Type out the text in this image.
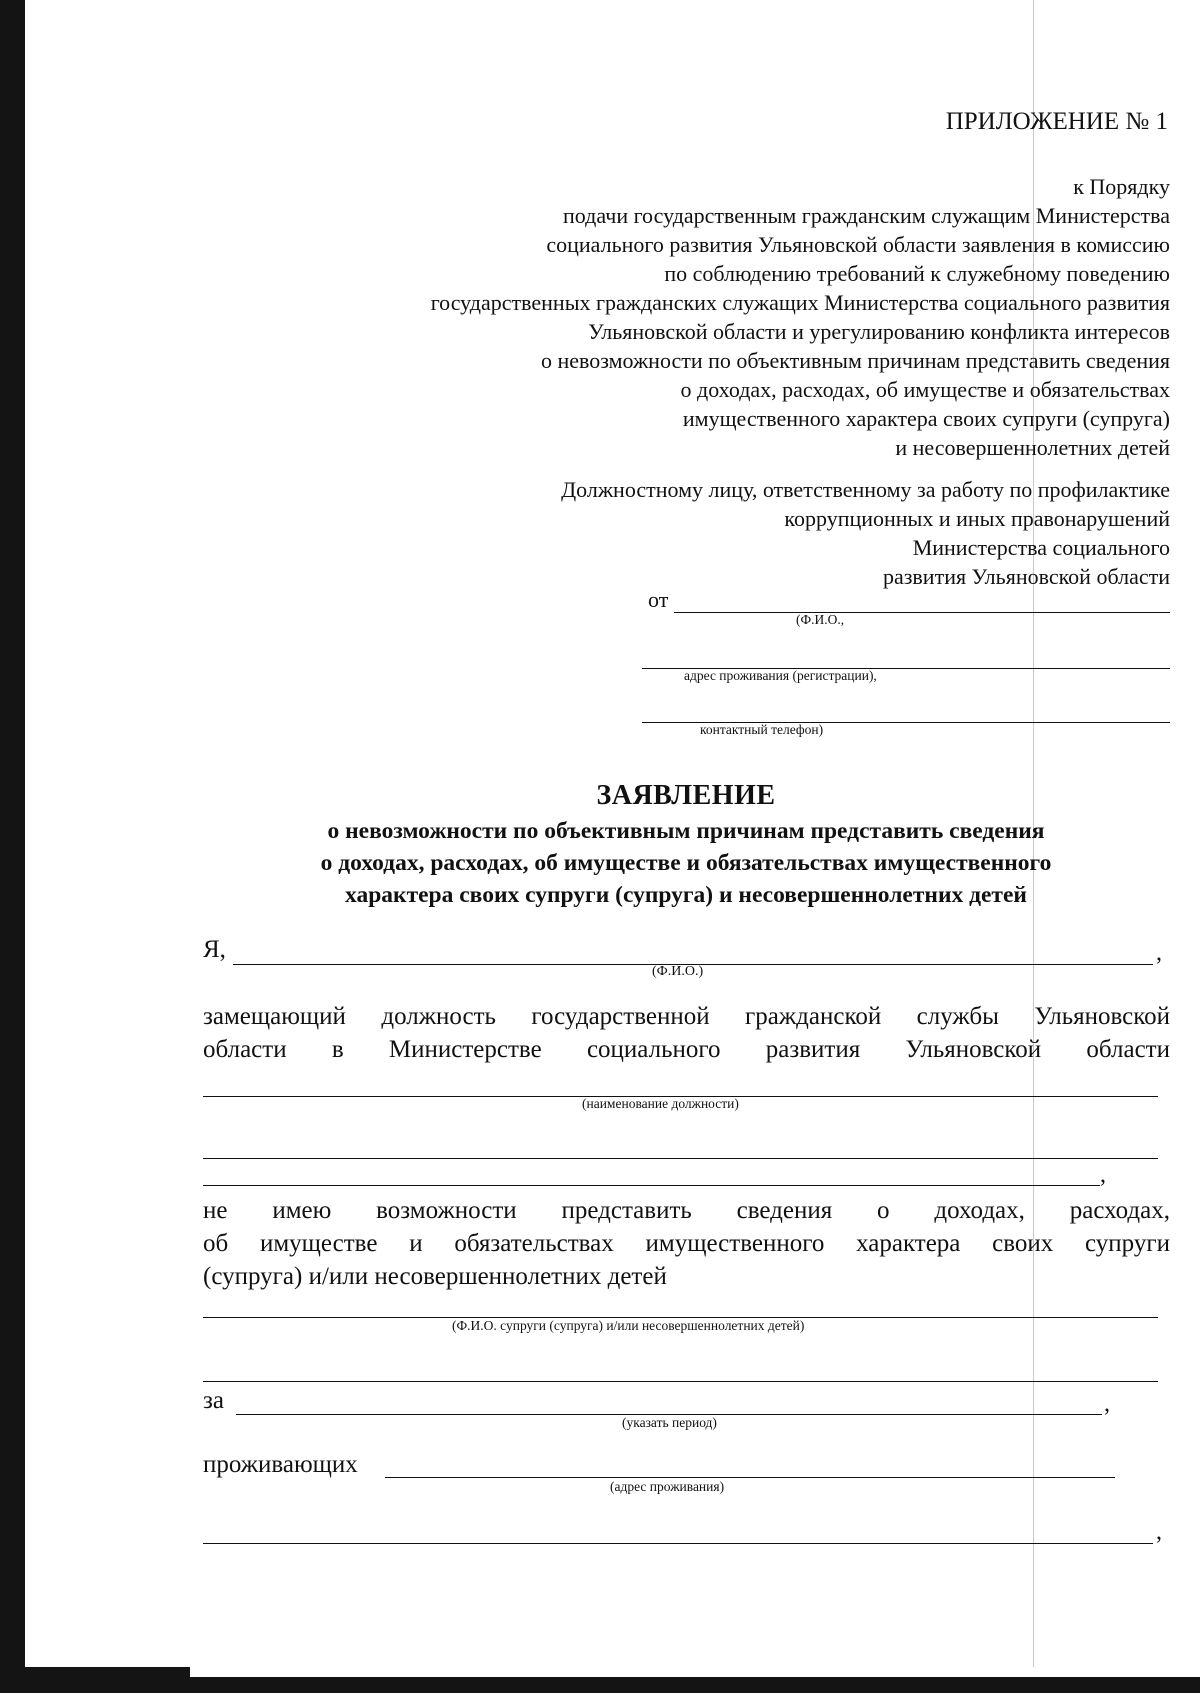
ПРИЛОЖЕНИЕ № 1
к Порядку
подачи государственным гражданским служащим Министерства
социального развития Ульяновской области заявления в комиссию
по соблюдению требований к служебному поведению
государственных гражданских служащих Министерства социального развития
Ульяновской области и урегулированию конфликта интересов
о невозможности по объективным причинам представить сведения
о доходах, расходах, об имуществе и обязательствах
имущественного характера своих супруги (супруга)
и несовершеннолетних детей
Должностному лицу, ответственному за работу по профилактике
коррупционных и иных правонарушений
Министерства социального
развития Ульяновской области
от
(Ф.И.О.,
адрес проживания (регистрации),
контактный телефон)
ЗАЯВЛЕНИЕ
о невозможности по объективным причинам представить сведения
о доходах, расходах, об имуществе и обязательствах имущественного
характера своих супруги (супруга) и несовершеннолетних детей
Я,	,
(Ф.И.О.)
замещающий должность государственной гражданской службы Ульяновской
области в Министерстве социального развития Ульяновской области
(наименование должности)
,
не имею возможности представить сведения о доходах, расходах,
об имуществе и обязательствах имущественного характера своих супруги
(супруга) и/или несовершеннолетних детей
(Ф.И.О. супруги (супруга) и/или несовершеннолетних детей)
за	,
(указать период)
проживающих
(адрес проживания)
,
